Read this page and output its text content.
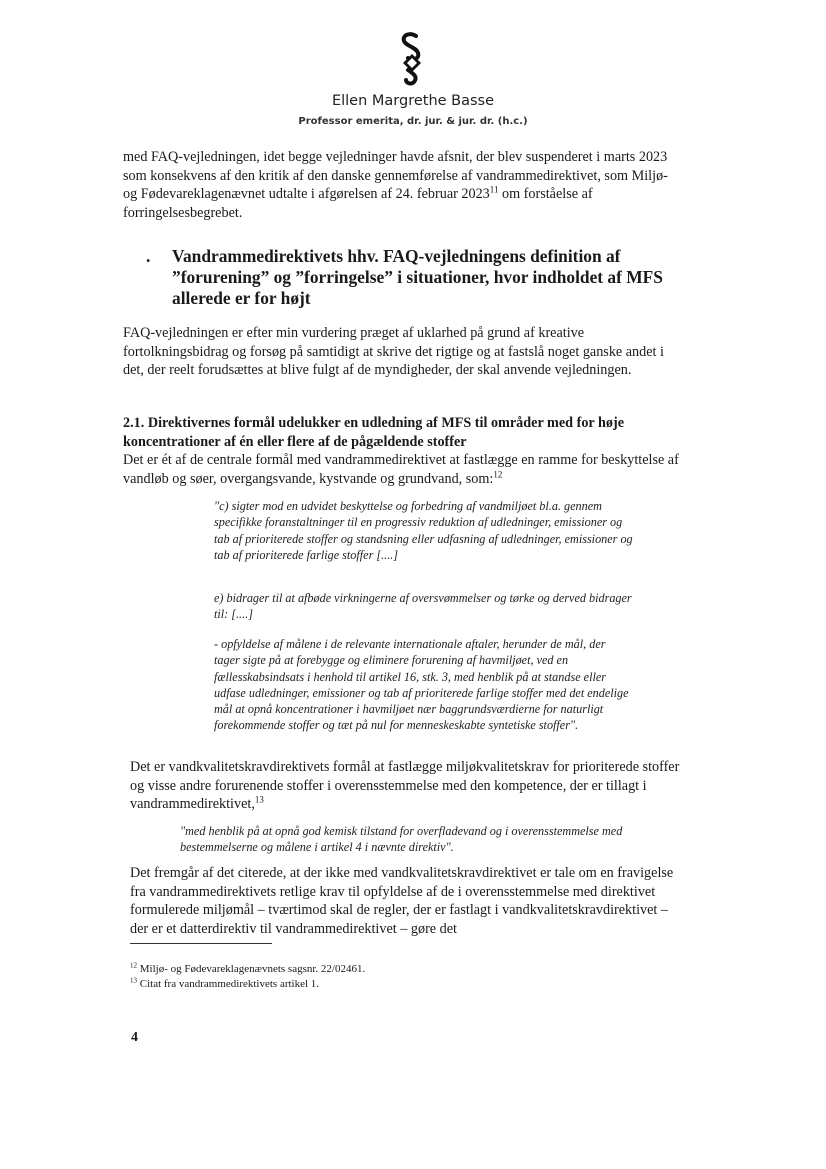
Ellen Margrethe Basse
Professor emerita, dr. jur. & jur. dr. (h.c.)
med FAQ-vejledningen, idet begge vejledninger havde afsnit, der blev suspenderet i marts 2023 som konsekvens af den kritik af den danske gennemførelse af vandrammedirektivet, som Miljø- og Fødevareklagenævnet udtalte i afgørelsen af 24. februar 2023$^{11}$ om forståelse af forringelsesbegrebet.
. Vandrammedirektivets hhv. FAQ-vejledningens definition af ”forurening” og ”forringelse” i situationer, hvor indholdet af MFS allerede er for højt
FAQ-vejledningen er efter min vurdering præget af uklarhed på grund af kreative fortolkningsbidrag og forsøg på samtidigt at skrive det rigtige og at fastslå noget ganske andet i det, der reelt forudsættes at blive fulgt af de myndigheder, der skal anvende vejledningen.
2.1. Direktivernes formål udelukker en udledning af MFS til områder med for høje koncentrationer af én eller flere af de pågældende stoffer
Det er ét af de centrale formål med vandrammedirektivet at fastlægge en ramme for beskyttelse af vandløb og søer, overgangsvande, kystvande og grundvand, som:$^{12}$
"c) sigter mod en udvidet beskyttelse og forbedring af vandmiljøet bl.a. gennem specifikke foranstaltninger til en progressiv reduktion af udledninger, emissioner og tab af prioriterede stoffer og standsning eller udfasning af udledninger, emissioner og tab af prioriterede farlige stoffer [....]
e) bidrager til at afbøde virkningerne af oversvømmelser og tørke og derved bidrager til: [....]
- opfyldelse af målene i de relevante internationale aftaler, herunder de mål, der tager sigte på at forebygge og eliminere forurening af havmiljøet, ved en fællesskabsindsats i henhold til artikel 16, stk. 3, med henblik på at standse eller udfase udledninger, emissioner og tab af prioriterede farlige stoffer med det endelige mål at opnå koncentrationer i havmiljøet nær baggrundsværdierne for naturligt forekommende stoffer og tæt på nul for menneskeskabte syntetiske stoffer".
Det er vandkvalitetskravdirektivets formål at fastlægge miljøkvalitetskrav for prioriterede stoffer og visse andre forurenende stoffer i overensstemmelse med den kompetence, der er tillagt i vandrammedirektivet,$^{13}$
"med henblik på at opnå god kemisk tilstand for overfladevand og i overensstemmelse med bestemmelserne og målene i artikel 4 i nævnte direktiv".
Det fremgår af det citerede, at der ikke med vandkvalitetskravdirektivet er tale om en fravigelse fra vandrammedirektivets retlige krav til opfyldelse af de i overensstemmelse med direktivet formulerede miljømål – tværtimod skal de regler, der er fastlagt i vandkvalitetskravdirektivet – der er et datterdirektiv til vandrammedirektivet – gøre det
$^{12}$ Miljø- og Fødevareklagenævnets sagsnr. 22/02461.
$^{13}$ Citat fra vandrammedirektivets artikel 1.
4
